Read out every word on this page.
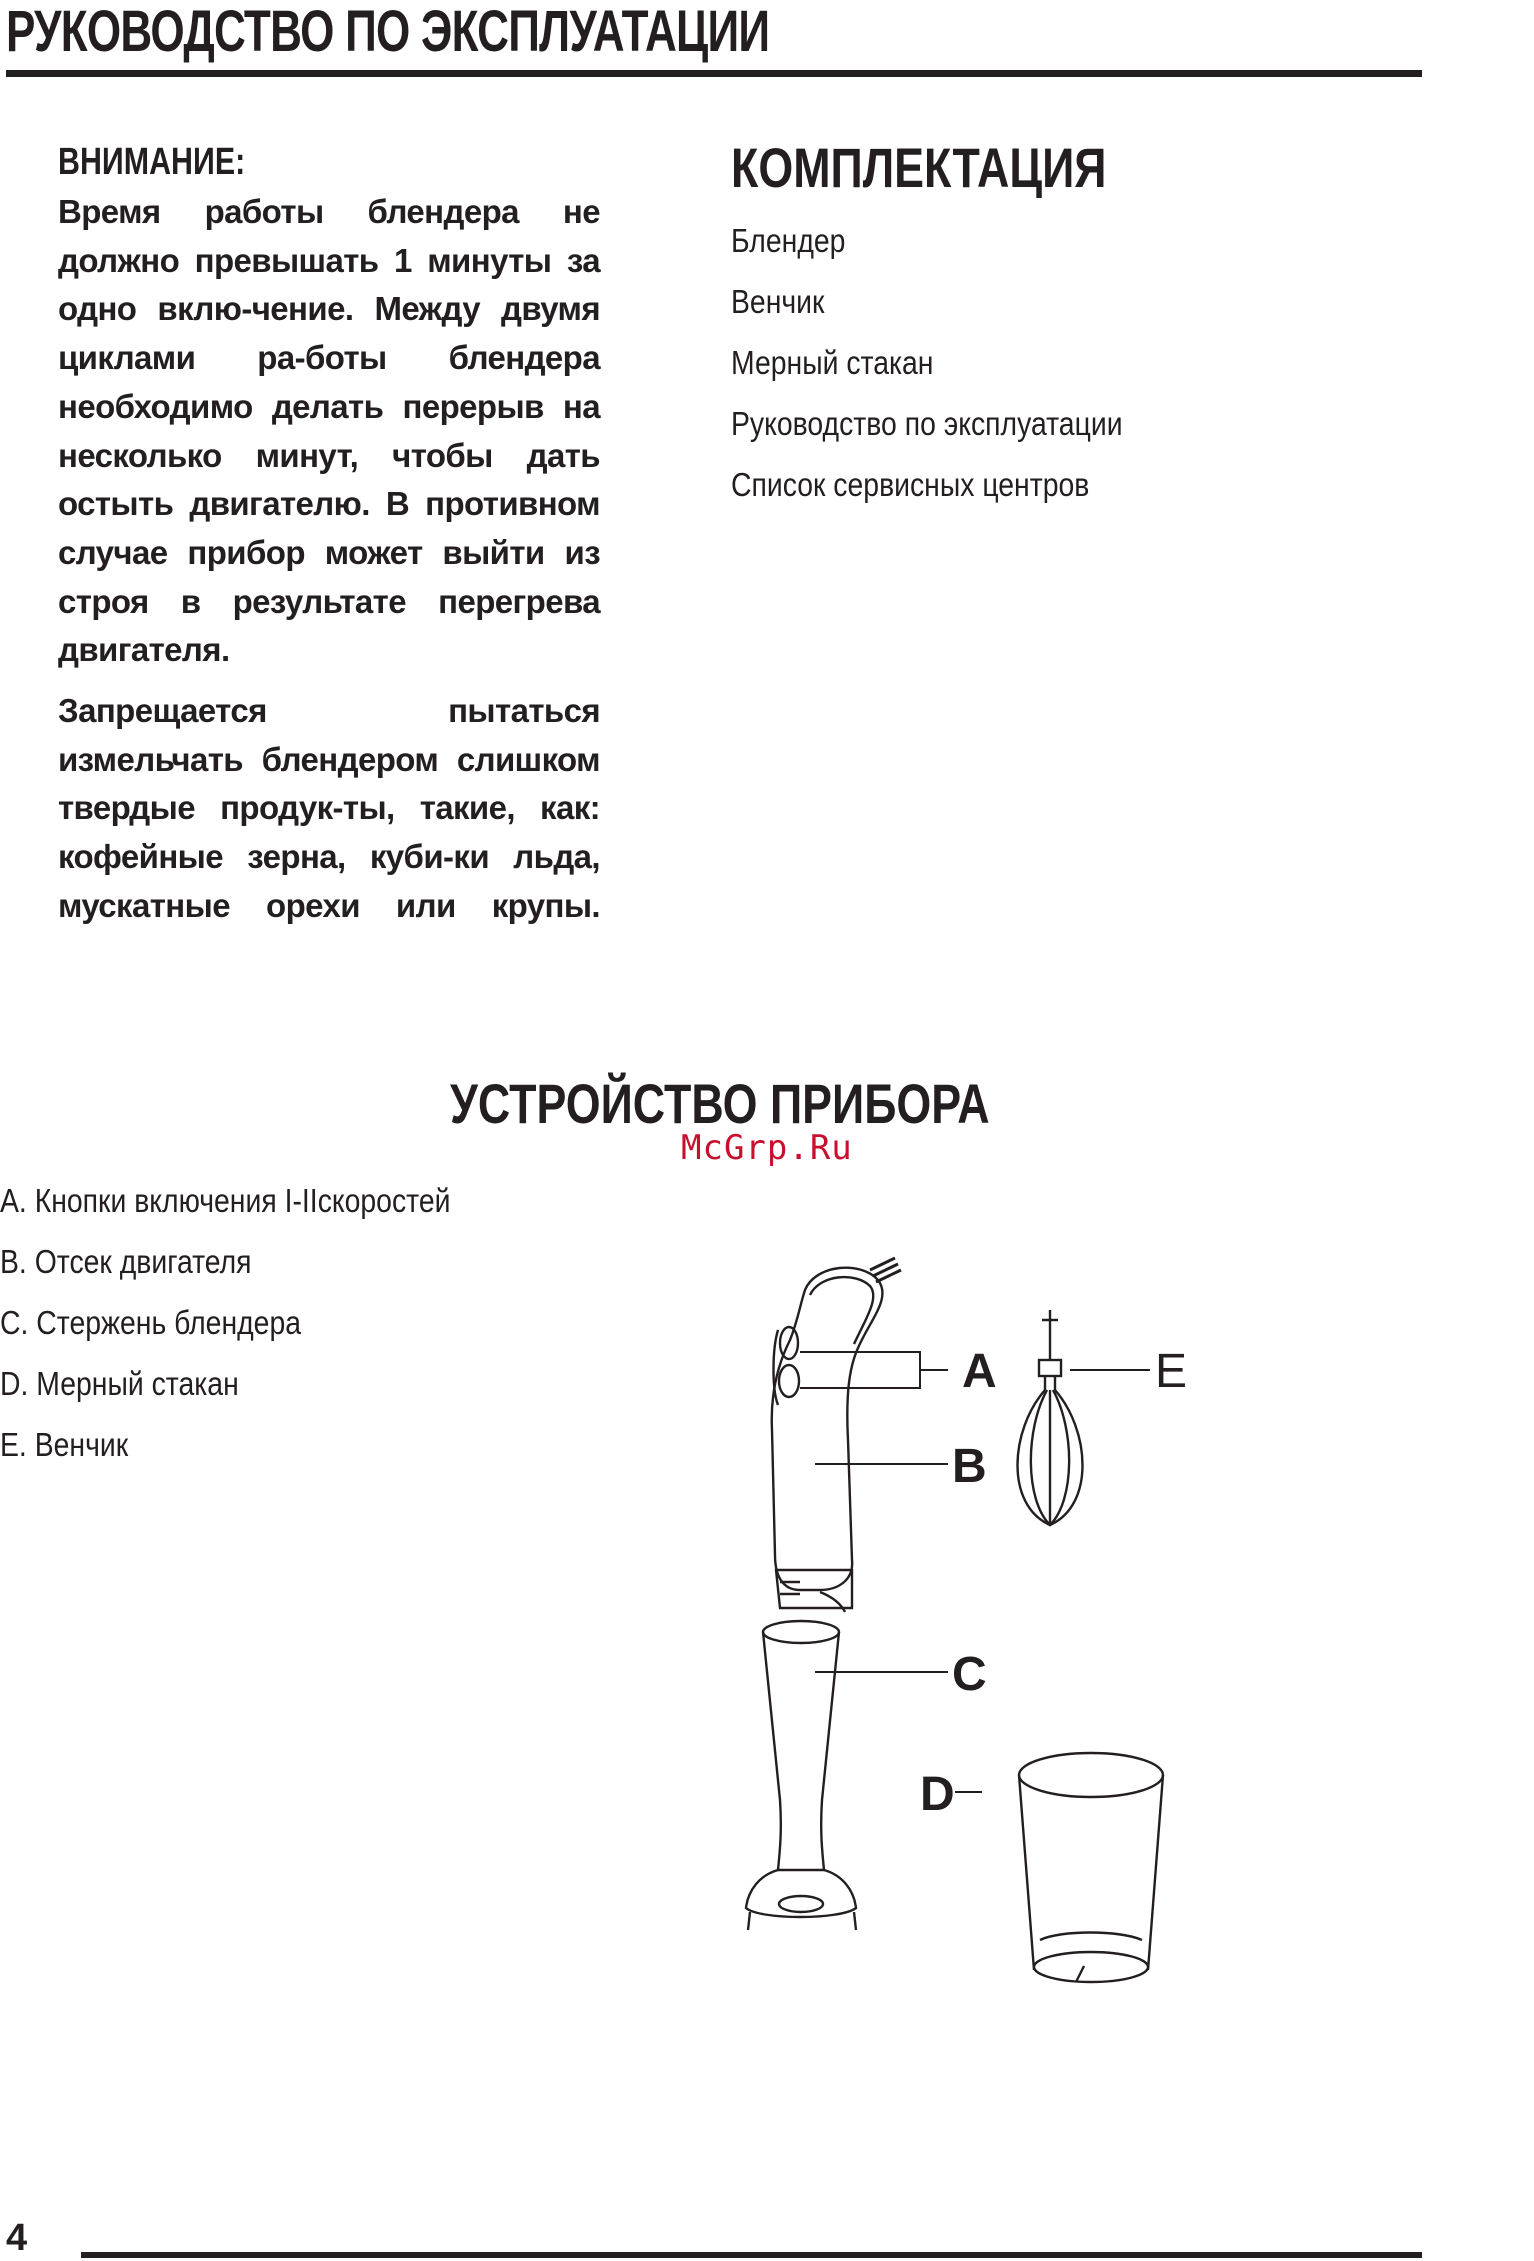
РУКОВОДСТВО ПО ЭКСПЛУАТАЦИИ
ВНИМАНИЕ:

Время работы блендера не должно превышать 1 минуты за одно вклю-чение. Между двумя циклами ра-боты блендера необходимо делать перерыв на несколько минут, чтобы дать остыть двигателю. В противном случае прибор может выйти из строя в результате перегрева двигателя.

Запрещается пытаться измельчать блендером слишком твердые продук-ты, такие, как: кофейные зерна, куби-ки льда, мускатные орехи или крупы.

КОМПЛЕКТАЦИЯ
Блендер
Венчик
Мерный стакан
Руководство по эксплуатации
Список сервисных центров
УСТРОЙСТВО ПРИБОРА
McGrp.Ru
A. Кнопки включения I-IIскоростей
B. Отсек двигателя
C. Стержень блендера
D. Мерный стакан
E. Венчик
A
B
C
D
E
4
